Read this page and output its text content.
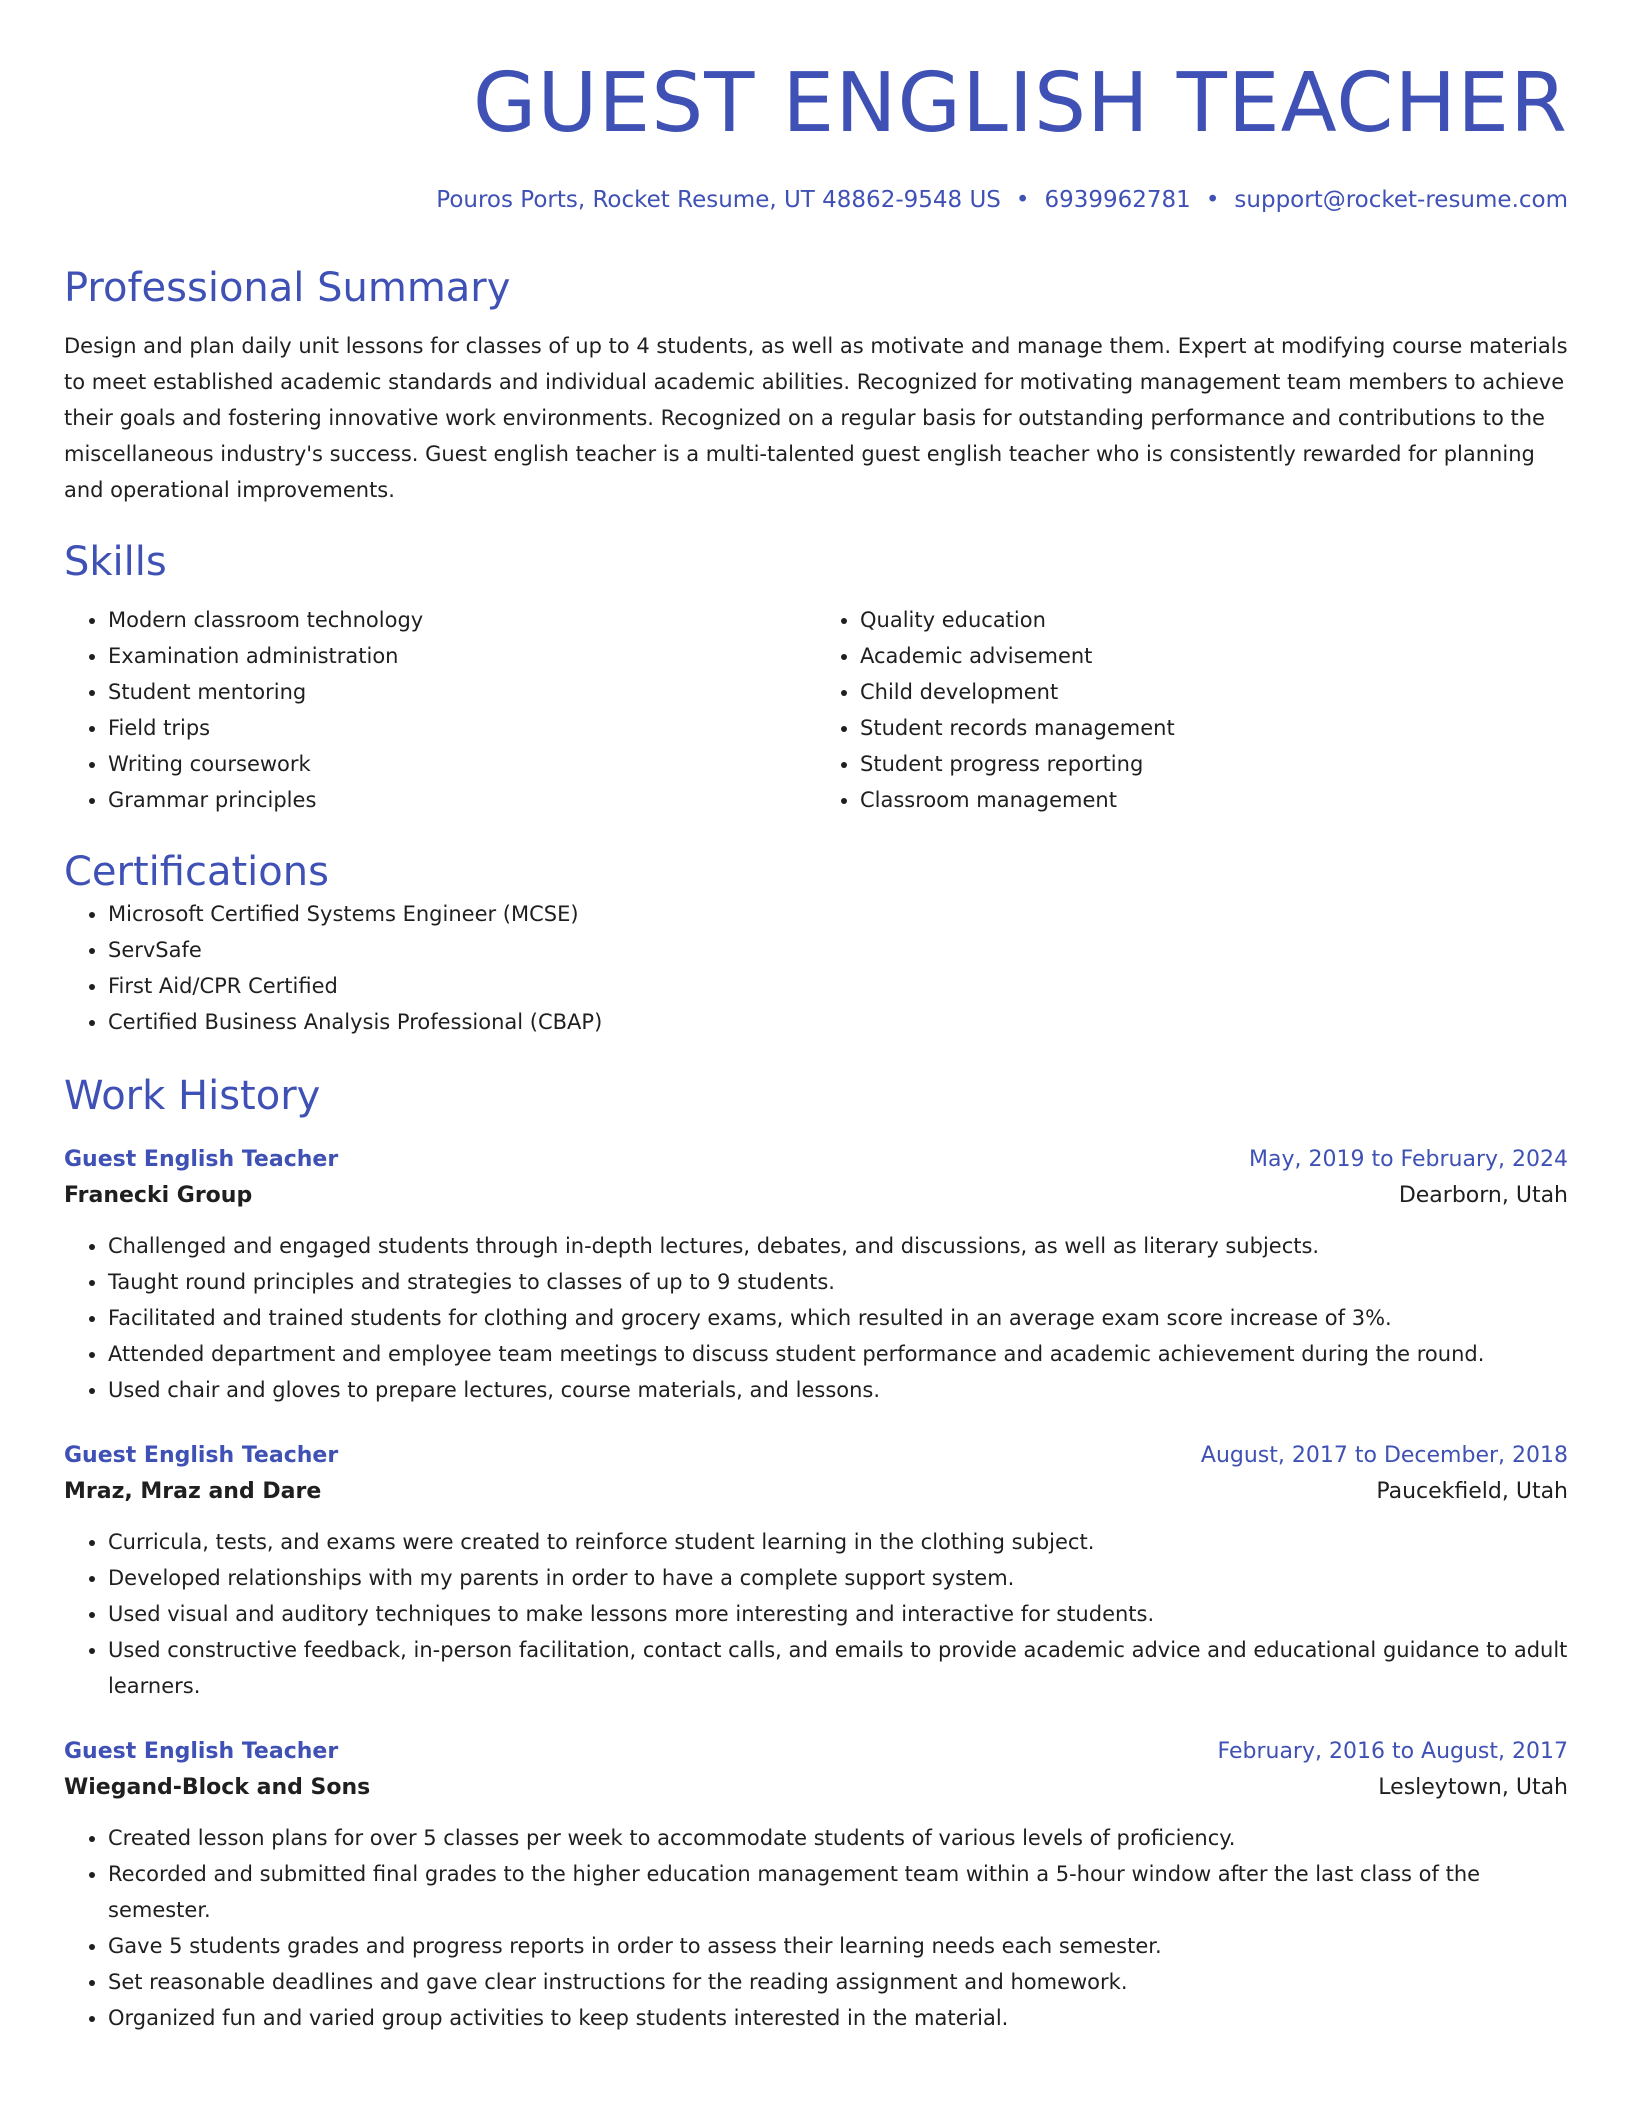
GUEST ENGLISH TEACHER
Pouros Ports, Rocket Resume, UT 48862-9548 US • 6939962781 • support@rocket-resume.com
Professional Summary
Design and plan daily unit lessons for classes of up to 4 students, as well as motivate and manage them. Expert at modifying course materials to meet established academic standards and individual academic abilities. Recognized for motivating management team members to achieve their goals and fostering innovative work environments. Recognized on a regular basis for outstanding performance and contributions to the miscellaneous industry's success. Guest english teacher is a multi-talented guest english teacher who is consistently rewarded for planning and operational improvements.
Skills
• Modern classroom technology
• Examination administration
• Student mentoring
• Field trips
• Writing coursework
• Grammar principles
• Quality education
• Academic advisement
• Child development
• Student records management
• Student progress reporting
• Classroom management
Certifications
• Microsoft Certified Systems Engineer (MCSE)
• ServSafe
• First Aid/CPR Certified
• Certified Business Analysis Professional (CBAP)
Work History
Guest English Teacher	May, 2019 to February, 2024
Franecki Group	Dearborn, Utah
• Challenged and engaged students through in-depth lectures, debates, and discussions, as well as literary subjects.
• Taught round principles and strategies to classes of up to 9 students.
• Facilitated and trained students for clothing and grocery exams, which resulted in an average exam score increase of 3%.
• Attended department and employee team meetings to discuss student performance and academic achievement during the round.
• Used chair and gloves to prepare lectures, course materials, and lessons.
Guest English Teacher	August, 2017 to December, 2018
Mraz, Mraz and Dare	Paucekfield, Utah
• Curricula, tests, and exams were created to reinforce student learning in the clothing subject.
• Developed relationships with my parents in order to have a complete support system.
• Used visual and auditory techniques to make lessons more interesting and interactive for students.
• Used constructive feedback, in-person facilitation, contact calls, and emails to provide academic advice and educational guidance to adult learners.
Guest English Teacher	February, 2016 to August, 2017
Wiegand-Block and Sons	Lesleytown, Utah
• Created lesson plans for over 5 classes per week to accommodate students of various levels of proficiency.
• Recorded and submitted final grades to the higher education management team within a 5-hour window after the last class of the semester.
• Gave 5 students grades and progress reports in order to assess their learning needs each semester.
• Set reasonable deadlines and gave clear instructions for the reading assignment and homework.
• Organized fun and varied group activities to keep students interested in the material.
